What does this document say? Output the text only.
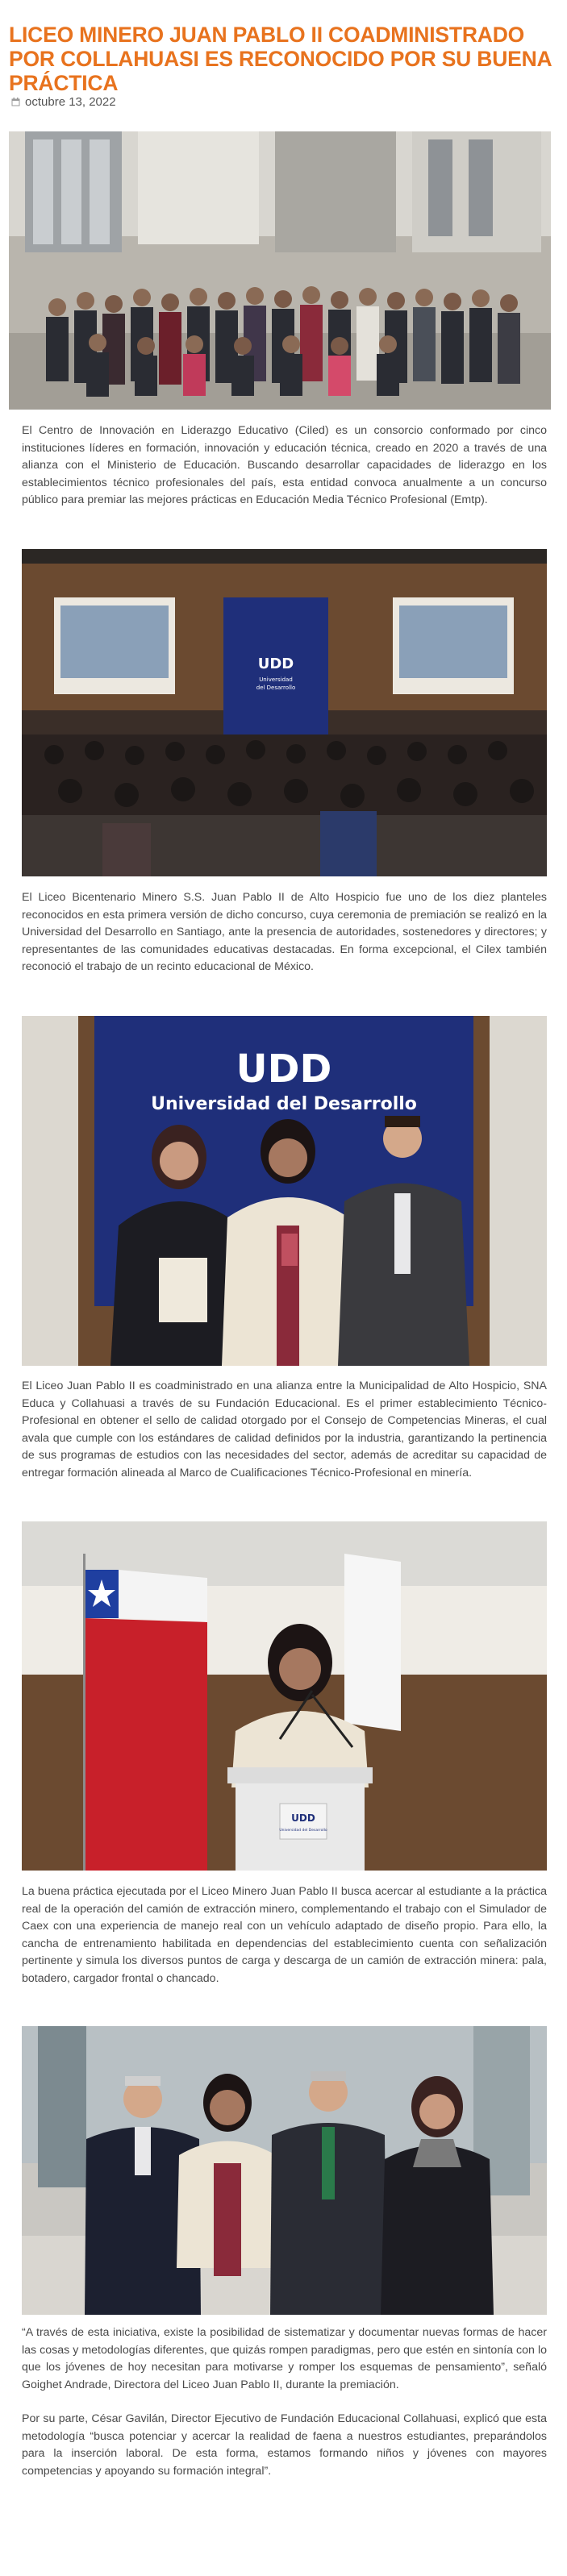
LICEO MINERO JUAN PABLO II COADMINISTRADO POR COLLAHUASI ES RECONOCIDO POR SU BUENA PRÁCTICA
octubre 13, 2022

El Centro de Innovación en Liderazgo Educativo (Ciled) es un consorcio conformado por cinco instituciones líderes en formación, innovación y educación técnica, creado en 2020 a través de una alianza con el Ministerio de Educación. Buscando desarrollar capacidades de liderazgo en los establecimientos técnico profesionales del país, esta entidad convoca anualmente a un concurso público para premiar las mejores prácticas en Educación Media Técnico Profesional (Emtp).

UDD
Universidad
del Desarrollo

El Liceo Bicentenario Minero S.S. Juan Pablo II de Alto Hospicio fue uno de los diez planteles reconocidos en esta primera versión de dicho concurso, cuya ceremonia de premiación se realizó en la Universidad del Desarrollo en Santiago, ante la presencia de autoridades, sostenedores y directores; y representantes de las comunidades educativas destacadas. En forma excepcional, el Cilex también reconoció el trabajo de un recinto educacional de México.

UDD
Universidad del Desarrollo

El Liceo Juan Pablo II es coadministrado en una alianza entre la Municipalidad de Alto Hospicio, SNA Educa y Collahuasi a través de su Fundación Educacional. Es el primer establecimiento Técnico-Profesional en obtener el sello de calidad otorgado por el Consejo de Competencias Mineras, el cual avala que cumple con los estándares de calidad definidos por la industria, garantizando la pertinencia de sus programas de estudios con las necesidades del sector, además de acreditar su capacidad de entregar formación alineada al Marco de Cualificaciones Técnico-Profesional en minería.

UDD
Universidad del Desarrollo

La buena práctica ejecutada por el Liceo Minero Juan Pablo II busca acercar al estudiante a la práctica real de la operación del camión de extracción minero, complementando el trabajo con el Simulador de Caex con una experiencia de manejo real con un vehículo adaptado de diseño propio. Para ello, la cancha de entrenamiento habilitada en dependencias del establecimiento cuenta con señalización pertinente y simula los diversos puntos de carga y descarga de un camión de extracción minera: pala, botadero, cargador frontal o chancado.

“A través de esta iniciativa, existe la posibilidad de sistematizar y documentar nuevas formas de hacer las cosas y metodologías diferentes, que quizás rompen paradigmas, pero que estén en sintonía con lo que los jóvenes de hoy necesitan para motivarse y romper los esquemas de pensamiento”, señaló Goighet Andrade, Directora del Liceo Juan Pablo II, durante la premiación.

Por su parte, César Gavilán, Director Ejecutivo de Fundación Educacional Collahuasi, explicó que esta metodología “busca potenciar y acercar la realidad de faena a nuestros estudiantes, preparándolos para la inserción laboral. De esta forma, estamos formando niños y jóvenes con mayores competencias y apoyando su formación integral”.
